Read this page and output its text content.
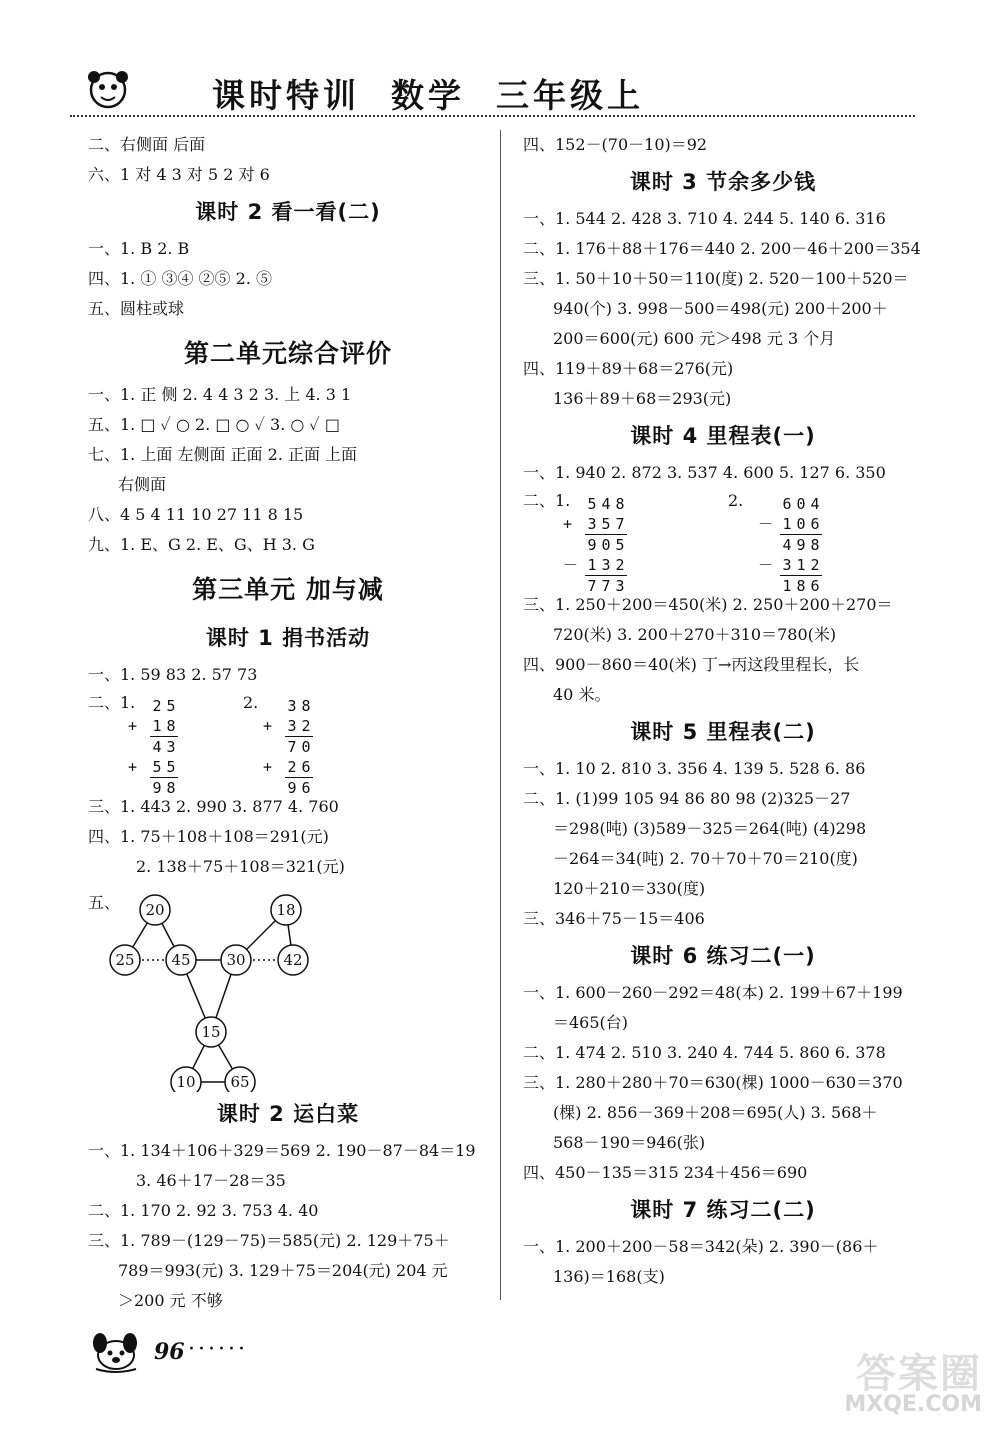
课时特训  数学  三年级上
二、右侧面 后面
六、1 对 4 3 对 5 2 对 6
课时 2 看一看(二)
一、1. B 2. B
四、1. ① ③④ ②⑤ 2. ⑤
五、圆柱或球
第二单元综合评价
一、1. 正 侧 2. 4 4 3 2 3. 上 4. 3 1
五、1. □ ✓ ○ 2. □ ○ ✓ 3. ○ ✓ □
七、1. 上面 左侧面 正面 2. 正面 上面
右侧面
八、4 5 4 11 10 27 11 8 15
九、1. E、G 2. E、G、H 3. G
第三单元 加与减
课时 1 捐书活动
一、1. 59 83 2. 57 73
二、1.
	2	5
+	1	8
	4	3
+	5	5
	9	8
2.
	3	8
+	3	2
	7	0
+	2	6
	9	6
三、1. 443 2. 990 3. 877 4. 760
四、1. 75＋108＋108＝291(元)
2. 138＋75＋108＝321(元)
五、 20	18
25 45 30	42
15
10 65
课时 2 运白菜
一、1. 134＋106＋329＝569 2. 190－87－84＝19
3. 46＋17－28＝35
二、1. 170 2. 92 3. 753 4. 40
三、1. 789－(129－75)＝585(元) 2. 129＋75＋
789＝993(元) 3. 129＋75＝204(元) 204 元
＞200 元 不够
四、152－(70－10)＝92
课时 3 节余多少钱
一、1. 544 2. 428 3. 710 4. 244 5. 140 6. 316
二、1. 176＋88＋176＝440 2. 200－46＋200＝354
三、1. 50＋10＋50＝110(度) 2. 520－100＋520＝
940(个) 3. 998－500＝498(元) 200＋200＋
200＝600(元) 600 元＞498 元 3 个月
四、119＋89＋68＝276(元)
136＋89＋68＝293(元)
课时 4 里程表(一)
一、1. 940 2. 872 3. 537 4. 600 5. 127 6. 350
二、1.
	5	4	8
+	3	5	7
	9	0	5
－	1	3	2
	7	7	3
2.
		6	0	4
－	1	0	6
	4	9	8
－	3	1	2
	1	8	6
三、1. 250＋200＝450(米) 2. 250＋200＋270＝
720(米) 3. 200＋270＋310＝780(米)
四、900－860＝40(米) 丁→丙这段里程长，长
40 米。
课时 5 里程表(二)
一、1. 10 2. 810 3. 356 4. 139 5. 528 6. 86
二、1. (1)99 105 94 86 80 98 (2)325－27
＝298(吨) (3)589－325＝264(吨) (4)298
－264＝34(吨) 2. 70＋70＋70＝210(度)
120＋210＝330(度)
三、346＋75－15＝406
课时 6 练习二(一)
一、1. 600－260－292＝48(本) 2. 199＋67＋199
＝465(台)
二、1. 474 2. 510 3. 240 4. 744 5. 860 6. 378
三、1. 280＋280＋70＝630(棵) 1000－630＝370
(棵) 2. 856－369＋208＝695(人) 3. 568＋
568－190＝946(张)
四、450－135＝315 234＋456＝690
课时 7 练习二(二)
一、1. 200＋200－58＝342(朵) 2. 390－(86＋
136)＝168(支)
96 ······
答案圈
MXQE.COM
